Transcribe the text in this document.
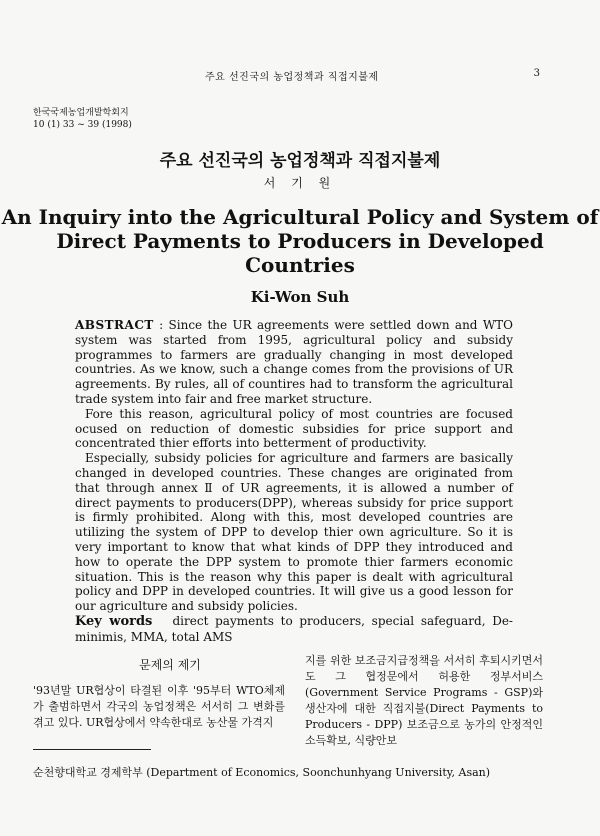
주요 선진국의 농업정책과 직접지불제	3
한국국제농업개발학회지
10 (1) 33 ~ 39 (1998)
주요 선진국의 농업정책과 직접지불제
서 기 원
An Inquiry into the Agricultural Policy and System of Direct Payments to Producers in Developed Countries
Ki-Won Suh

ABSTRACT : Since the UR agreements were settled down and WTO system was started from 1995, agricultural policy and subsidy programmes to farmers are gradually changing in most developed countries. As we know, such a change comes from the provisions of UR agreements. By rules, all of countires had to transform the agricultural trade system into fair and free market structure.

Fore this reason, agricultural policy of most countries are focused ocused on reduction of domestic subsidies for price support and concentrated thier efforts into betterment of productivity.

Especially, subsidy policies for agriculture and farmers are basically changed in developed countries. These changes are originated from that through annex Ⅱ of UR agreements, it is allowed a number of direct payments to producers(DPP), whereas subsidy for price support is firmly prohibited. Along with this, most developed countries are utilizing the system of DPP to develop thier own agriculture. So it is very important to know that what kinds of DPP they introduced and how to operate the DPP system to promote thier farmers economic situation. This is the reason why this paper is dealt with agricultural policy and DPP in developed countries. It will give us a good lesson for our agriculture and subsidy policies.

Key words direct payments to producers, special safeguard, De-minimis, MMA, total AMS

문제의 제기

'93년말 UR협상이 타결된 이후 '95부터 WTO체제가 출범하면서 각국의 농업정책은 서서히 그 변화를 겪고 있다. UR협상에서 약속한대로 농산물 가격지

지를 위한 보조금지급정책을 서서히 후퇴시키면서도 그 협정문에서 허용한 정부서비스(Government Service Programs - GSP)와 생산자에 대한 직접지불(Direct Payments to Producers - DPP) 보조금으로 농가의 안정적인 소득확보, 식량안보

순천향대학교 경제학부 (Department of Economics, Soonchunhyang University, Asan)
